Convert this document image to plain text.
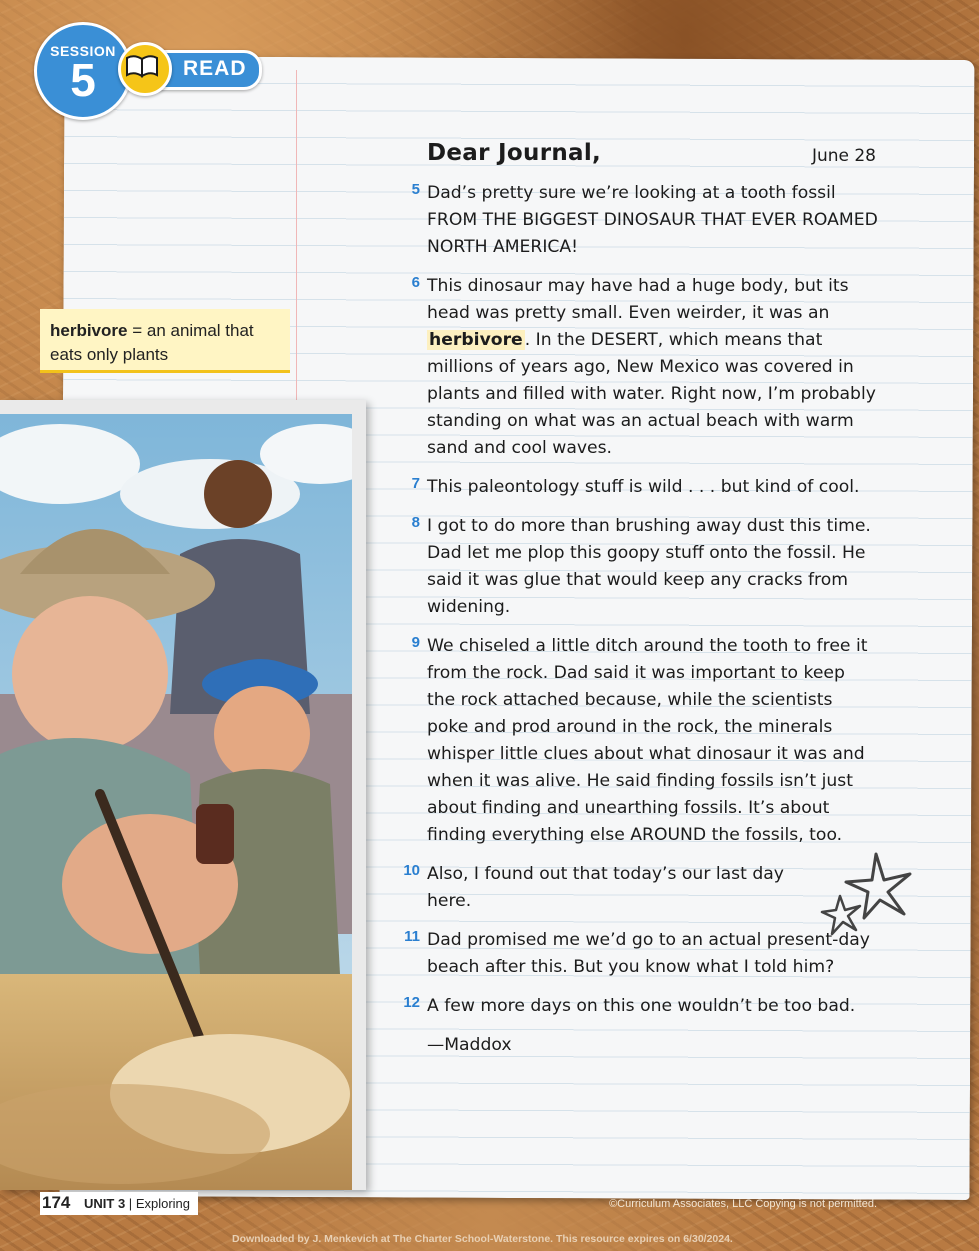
SESSION
5	READ
herbivore = an animal that eats only plants
Dear Journal,	June 28
5 Dad’s pretty sure we’re looking at a tooth fossil FROM THE BIGGEST DINOSAUR THAT EVER ROAMED NORTH AMERICA!
6 This dinosaur may have had a huge body, but its head was pretty small. Even weirder, it was an herbivore . In the DESERT, which means that millions of years ago, New Mexico was covered in plants and filled with water. Right now, I’m probably standing on what was an actual beach with warm sand and cool waves.
7 This paleontology stuff is wild . . . but kind of cool.
8 I got to do more than brushing away dust this time. Dad let me plop this goopy stuff onto the fossil. He said it was glue that would keep any cracks from widening.
9 We chiseled a little ditch around the tooth to free it from the rock. Dad said it was important to keep the rock attached because, while the scientists poke and prod around in the rock, the minerals whisper little clues about what dinosaur it was and when it was alive. He said finding fossils isn’t just about finding and unearthing fossils. It’s about finding everything else AROUND the fossils, too.
10 Also, I found out that today’s our last day here.
11 Dad promised me we’d go to an actual present-day beach after this. But you know what I told him?
12 A few more days on this one wouldn’t be too bad.
—Maddox
174 UNIT 3 | Exploring	©Curriculum Associates, LLC Copying is not permitted.
Downloaded by J. Menkevich at The Charter School-Waterstone. This resource expires on 6/30/2024.
